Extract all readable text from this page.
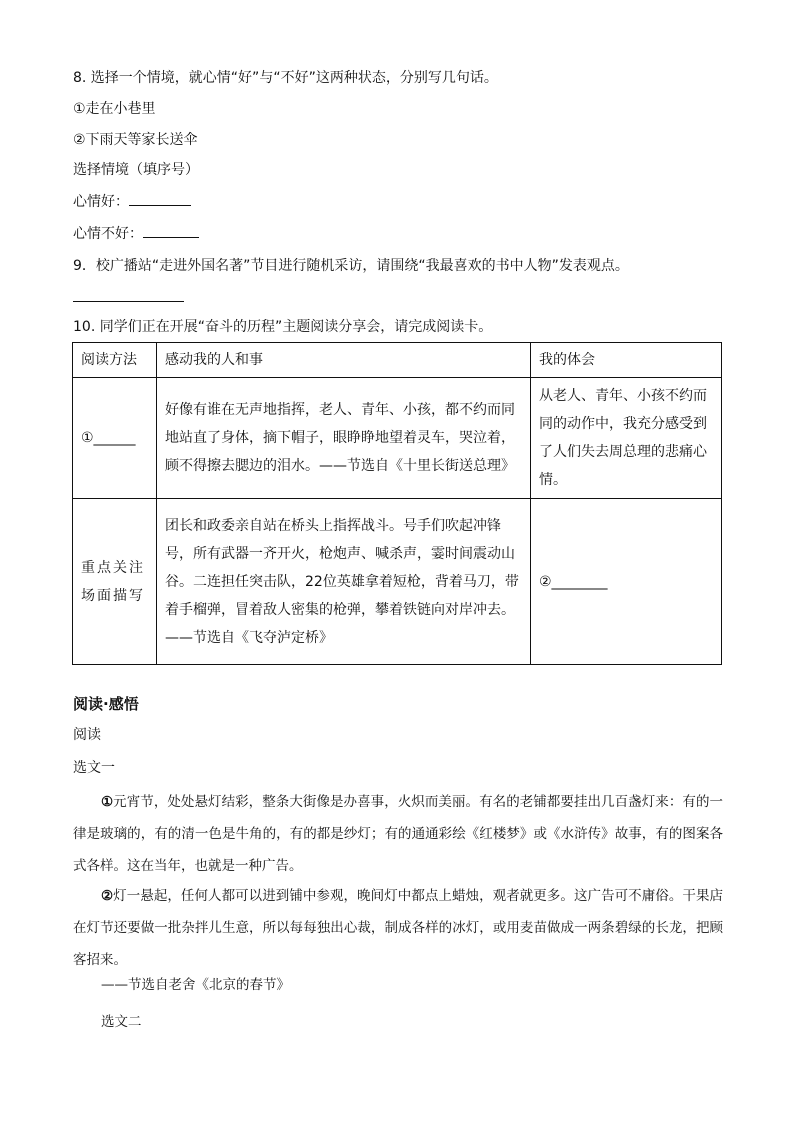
8. 选择一个情境，就心情“好”与“不好”这两种状态，分别写几句话。
①走在小巷里
②下雨天等家长送伞
选择情境（填序号）
心情好：
心情不好：
9．校广播站“走进外国名著”节目进行随机采访，请围绕“我最喜欢的书中人物”发表观点。
10. 同学们正在开展“奋斗的历程”主题阅读分享会，请完成阅读卡。
阅读方法	感动我的人和事	我的体会
①______	好像有谁在无声地指挥，老人、青年、小孩，都不约而同地站直了身体，摘下帽子，眼睁睁地望着灵车，哭泣着，顾不得擦去腮边的泪水。——节选自《十里长街送总理》	从老人、青年、小孩不约而同的动作中，我充分感受到了人们失去周总理的悲痛心情。
重点关注场面描写	团长和政委亲自站在桥头上指挥战斗。号手们吹起冲锋号，所有武器一齐开火，枪炮声、喊杀声，霎时间震动山谷。二连担任突击队，22位英雄拿着短枪，背着马刀，带着手榴弹，冒着敌人密集的枪弹，攀着铁链向对岸冲去。——节选自《飞夺泸定桥》	②________
阅读·感悟
阅读
选文一
①元宵节，处处悬灯结彩，整条大街像是办喜事，火炽而美丽。有名的老铺都要挂出几百盏灯来：有的一律是玻璃的，有的清一色是牛角的，有的都是纱灯；有的通通彩绘《红楼梦》或《水浒传》故事，有的图案各式各样。这在当年，也就是一种广告。
②灯一悬起，任何人都可以进到铺中参观，晚间灯中都点上蜡烛，观者就更多。这广告可不庸俗。干果店在灯节还要做一批杂拌儿生意，所以每每独出心裁，制成各样的冰灯，或用麦苗做成一两条碧绿的长龙，把顾客招来。
——节选自老舍《北京的春节》
选文二
